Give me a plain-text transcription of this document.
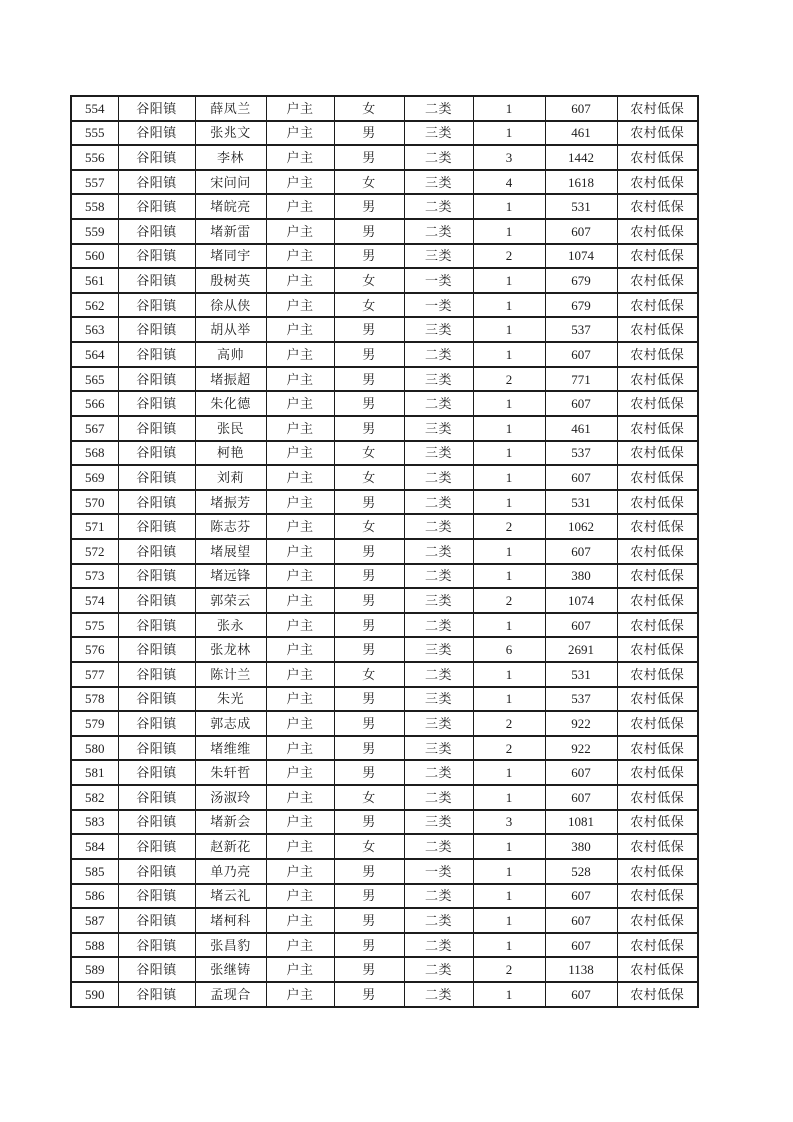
554	谷阳镇	薛凤兰	户主	女	二类	1	607	农村低保
555	谷阳镇	张兆文	户主	男	三类	1	461	农村低保
556	谷阳镇	李林	户主	男	二类	3	1442	农村低保
557	谷阳镇	宋问问	户主	女	三类	4	1618	农村低保
558	谷阳镇	堵皖亮	户主	男	二类	1	531	农村低保
559	谷阳镇	堵新雷	户主	男	二类	1	607	农村低保
560	谷阳镇	堵同宇	户主	男	三类	2	1074	农村低保
561	谷阳镇	殷树英	户主	女	一类	1	679	农村低保
562	谷阳镇	徐从侠	户主	女	一类	1	679	农村低保
563	谷阳镇	胡从举	户主	男	三类	1	537	农村低保
564	谷阳镇	高帅	户主	男	二类	1	607	农村低保
565	谷阳镇	堵振超	户主	男	三类	2	771	农村低保
566	谷阳镇	朱化德	户主	男	二类	1	607	农村低保
567	谷阳镇	张民	户主	男	三类	1	461	农村低保
568	谷阳镇	柯艳	户主	女	三类	1	537	农村低保
569	谷阳镇	刘莉	户主	女	二类	1	607	农村低保
570	谷阳镇	堵振芳	户主	男	二类	1	531	农村低保
571	谷阳镇	陈志芬	户主	女	二类	2	1062	农村低保
572	谷阳镇	堵展望	户主	男	二类	1	607	农村低保
573	谷阳镇	堵远锋	户主	男	二类	1	380	农村低保
574	谷阳镇	郭荣云	户主	男	三类	2	1074	农村低保
575	谷阳镇	张永	户主	男	二类	1	607	农村低保
576	谷阳镇	张龙林	户主	男	三类	6	2691	农村低保
577	谷阳镇	陈计兰	户主	女	二类	1	531	农村低保
578	谷阳镇	朱光	户主	男	三类	1	537	农村低保
579	谷阳镇	郭志成	户主	男	三类	2	922	农村低保
580	谷阳镇	堵维维	户主	男	三类	2	922	农村低保
581	谷阳镇	朱轩哲	户主	男	二类	1	607	农村低保
582	谷阳镇	汤淑玲	户主	女	二类	1	607	农村低保
583	谷阳镇	堵新会	户主	男	三类	3	1081	农村低保
584	谷阳镇	赵新花	户主	女	二类	1	380	农村低保
585	谷阳镇	单乃亮	户主	男	一类	1	528	农村低保
586	谷阳镇	堵云礼	户主	男	二类	1	607	农村低保
587	谷阳镇	堵柯科	户主	男	二类	1	607	农村低保
588	谷阳镇	张昌豹	户主	男	二类	1	607	农村低保
589	谷阳镇	张继铸	户主	男	二类	2	1138	农村低保
590	谷阳镇	孟现合	户主	男	二类	1	607	农村低保
